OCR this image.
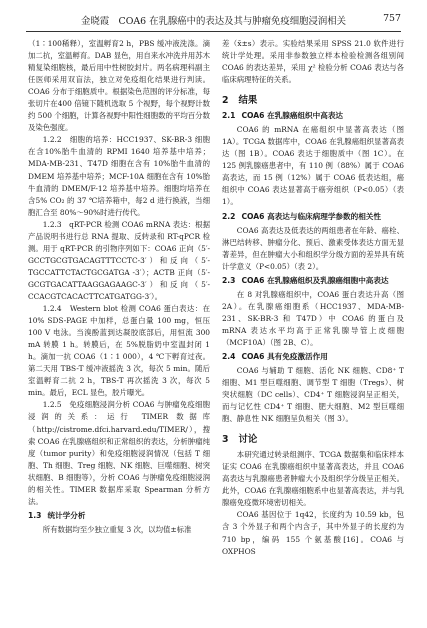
金晓霞　COA6 在乳腺癌中的表达及其与肿瘤免疫细胞浸润相关	757

（1∶100稀释），室温孵育2 h，PBS 缓冲液洗涤。滴加二抗，室温孵育。DAB 显色，用自来水冲洗并用苏木精复染细胞核，最后用中性树胶封片。两名病理科副主任医师采用双盲法，独立对免疫组化结果进行判读。COA6 分布于细胞质中。根据染色范围的评分标准，每张切片在400 倍镜下随机选取 5 个视野，每个视野计数约 500 个细胞，计算各视野中阳性细胞数的平均百分数及染色强度。

1.2.2　细胞的培养：HCC1937、SK-BR-3 细胞在含10%胎牛血清的 RPMI 1640 培养基中培养；MDA-MB-231、T47D 细胞在含有 10%胎牛血清的 DMEM 培养基中培养；MCF-10A 细胞在含有 10%胎牛血清的 DMEM/F-12 培养基中培养。细胞均培养在含5% CO₂ 的 37 ℃培养箱中，每2 d 进行换液，当细胞汇合至 80%～90%时进行传代。

1.2.3　qRT-PCR 检测 COA6 mRNA 表达：根据产品说明书进行总 RNA 提取、反转录和 RT-qPCR 检测。用于 qRT-PCR 的引物序列如下：COA6 正向（5′-GCCTGCGTGACAGTTTCCTC-3′）和反向（5′-TGCCATTCTACTGCGATGA -3′）；ACTB 正向（5′-GCGTGACATTAAGGAGAAGC-3′）和反向（5′-CCACGTCACACTTCATGATGG-3′）。

1.2.4　Western blot 检测 COA6 蛋白表达：在 10% SDS-PAGE 中加样，总蛋白量 100 mg，恒压 100 V 电泳。当溴酚蓝到达凝胶底部后，用恒流 300 mA 转膜 1 h。转膜后，在 5%脱脂奶中室温封闭 1 h。滴加一抗 COA6（1∶1 000），4 ℃下孵育过夜。第二天用 TBS-T 缓冲液摇洗 3 次，每次 5 min。随后室温孵育二抗 2 h，TBS-T 再次摇洗 3 次，每次 5 min。最后，ECL 显色，胶片曝光。

1.2.5　免疫细胞浸润分析 COA6 与肿瘤免疫细胞浸润的关系：运行 TIMER 数据库（http://cistrome.dfci.harvard.edu/TIMER/），搜索 COA6 在乳腺癌组织和正常组织的表达，分析肿瘤纯度（tumor purity）和免疫细胞浸润情况（包括 T 细胞、Th 细胞、Treg 细胞、NK 细胞、巨噬细胞、树突状细胞、B 细胞等），分析 COA6 与肿瘤免疫细胞浸润的相关性。TIMER 数据库采取 Spearman 分析方法。

1.3 统计学分析

所有数据均至少独立重复 3 次，以均值±标准

差（x̄±s）表示。实验结果采用 SPSS 21.0 软件进行统计学处理。采用非参数独立样本检验检测各组别间 COA6 的表达差异，采用 χ² 检验分析 COA6 表达与各临床病理特征的关系。

2 结果
2.1 COA6 在乳腺癌组织中高表达

COA6 的 mRNA 在癌组织中显著高表达（图 1A）。TCGA 数据库中，COA6 在乳腺癌组织显著高表达（图 1B）。COA6 表达于细胞质中（图 1C）。在 125 例乳腺癌患者中，有 110 例（88%）属于 COA6 高表达，而 15 例（12%）属于 COA6 低表达组，癌组织中 COA6 表达显著高于癌旁组织（P<0.05）（表 1）。

2.2 COA6 高表达与临床病理学参数的相关性

COA6 高表达及低表达的两组患者在年龄、癌栓、淋巴结转移、肿瘤分化、预后、激素受体表达方面无显著差异，但在肿瘤大小和组织学分级方面的差异具有统计学意义（P<0.05）（表 2）。

2.3 COA6 在乳腺癌组织及乳腺癌细胞中高表达

在 8 对乳腺癌组织中，COA6 蛋白表达升高（图 2A）。在乳腺癌细胞系（HCC1937、MDA-MB-231、SK-BR-3 和 T47D）中 COA6 的蛋白及 mRNA 表达水平均高于正常乳腺导管上皮细胞（MCF10A）（图 2B、C）。

2.4 COA6 具有免疫激活作用

COA6 与辅助 T 细胞、活化 NK 细胞、CD8⁺ T 细胞、M1 型巨噬细胞、调节型 T 细胞（Tregs）、树突状细胞（DC cells）、CD4⁺ T 细胞浸润呈正相关，而与记忆性 CD4⁺ T 细胞、肥大细胞、M2 型巨噬细胞、静息性 NK 细胞呈负相关（图 3）。

3 讨论

本研究通过转录组测序、TCGA 数据集和临床样本证实 COA6 在乳腺癌组织中显著高表达，并且 COA6 高表达与乳腺癌患者肿瘤大小及组织学分级呈正相关。此外，COA6 在乳腺癌细胞系中也显著高表达，并与乳腺癌免疫微环境密切相关。

COA6 基因位于 1q42，长度约为 10.59 kb，包含 3 个外显子和两个内含子，其中外显子的长度约为 710 bp，编码 155 个氨基酸[16]。COA6 与 OXPHOS
